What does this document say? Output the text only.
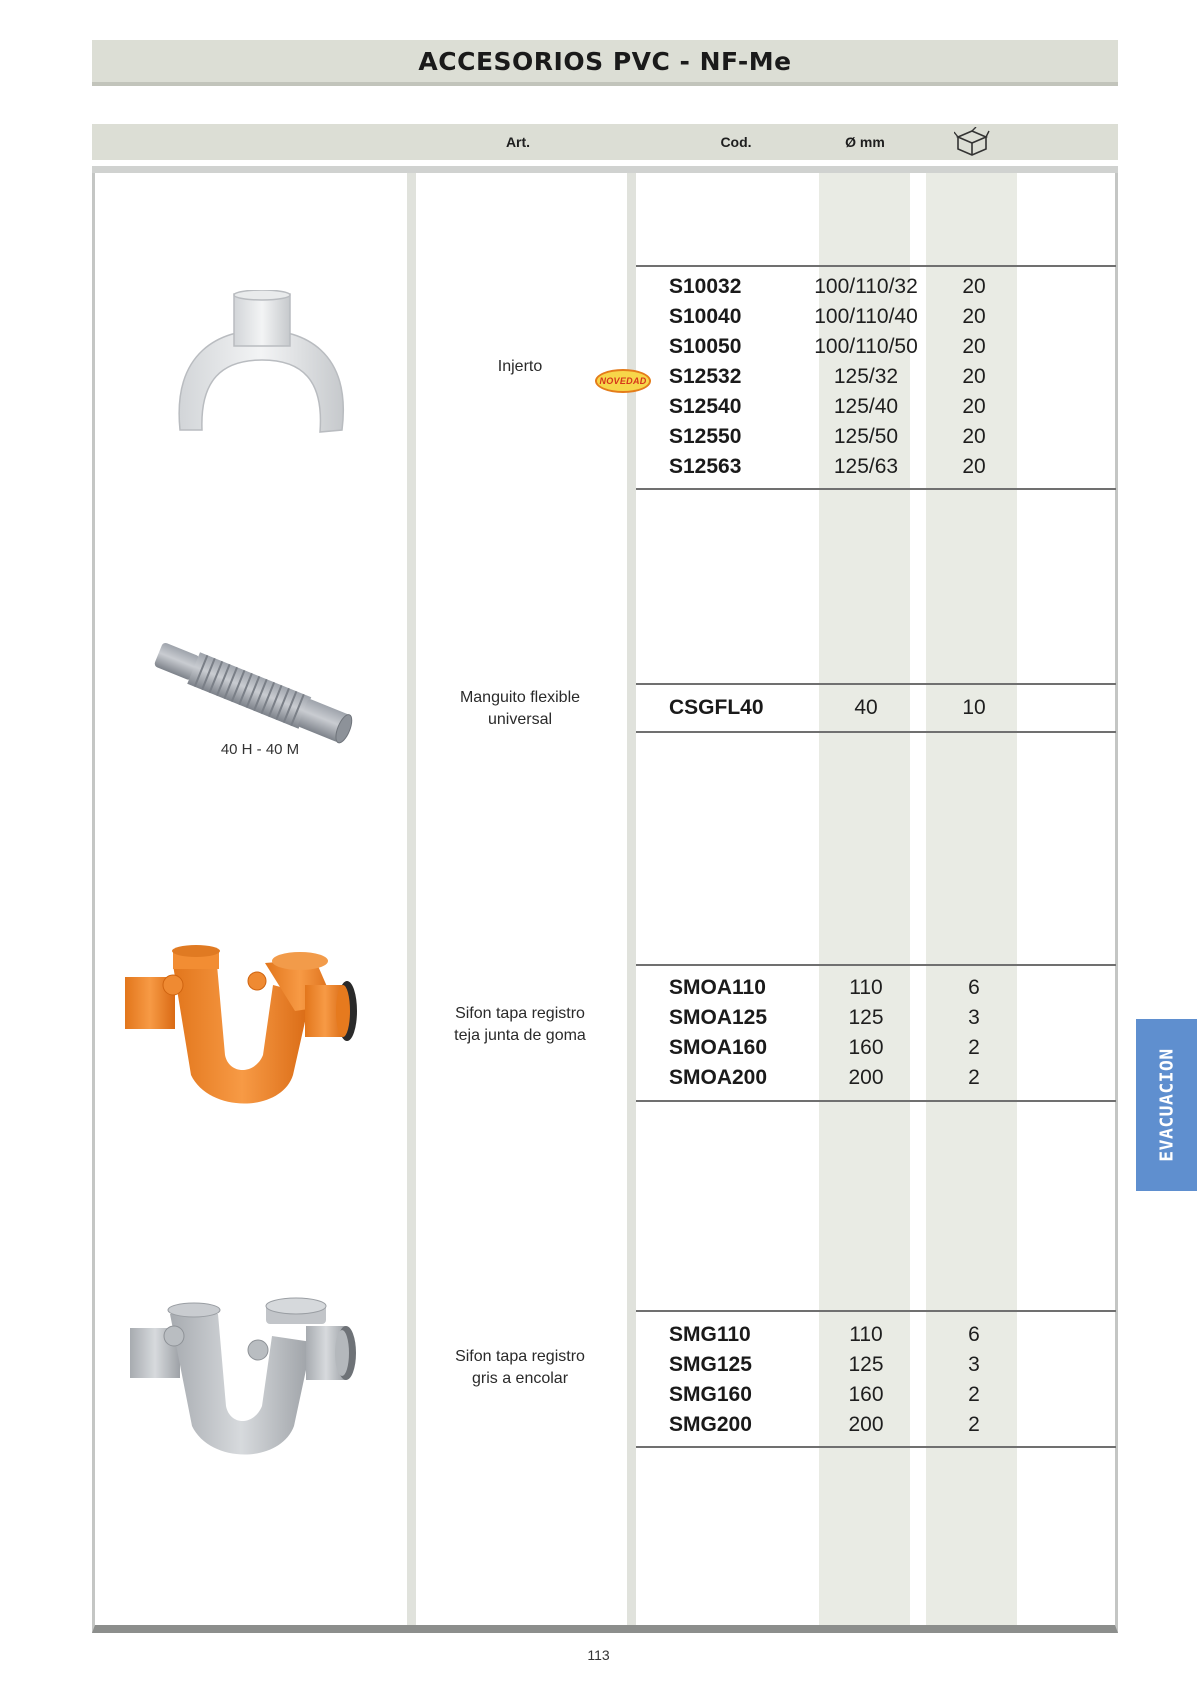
ACCESORIOS PVC - NF-Me
Art.	Cod.	Ø mm
Injerto
NOVEDAD
S10032	100/110/32 20
S10040	100/110/40 20
S10050	100/110/50 20
S12532	125/32	20
S12540	125/40	20
S12550	125/50	20
S12563	125/63	20
40 H - 40 M
Manguito flexible
universal
CSGFL40	40	10
Sifon tapa registro
teja junta de goma
SMOA110	110	6
SMOA125	125	3
SMOA160	160	2
SMOA200	200	2
Sifon tapa registro
gris a encolar
SMG110	110	6
SMG125	125	3
SMG160	160	2
SMG200	200	2
EVACUACION
113
